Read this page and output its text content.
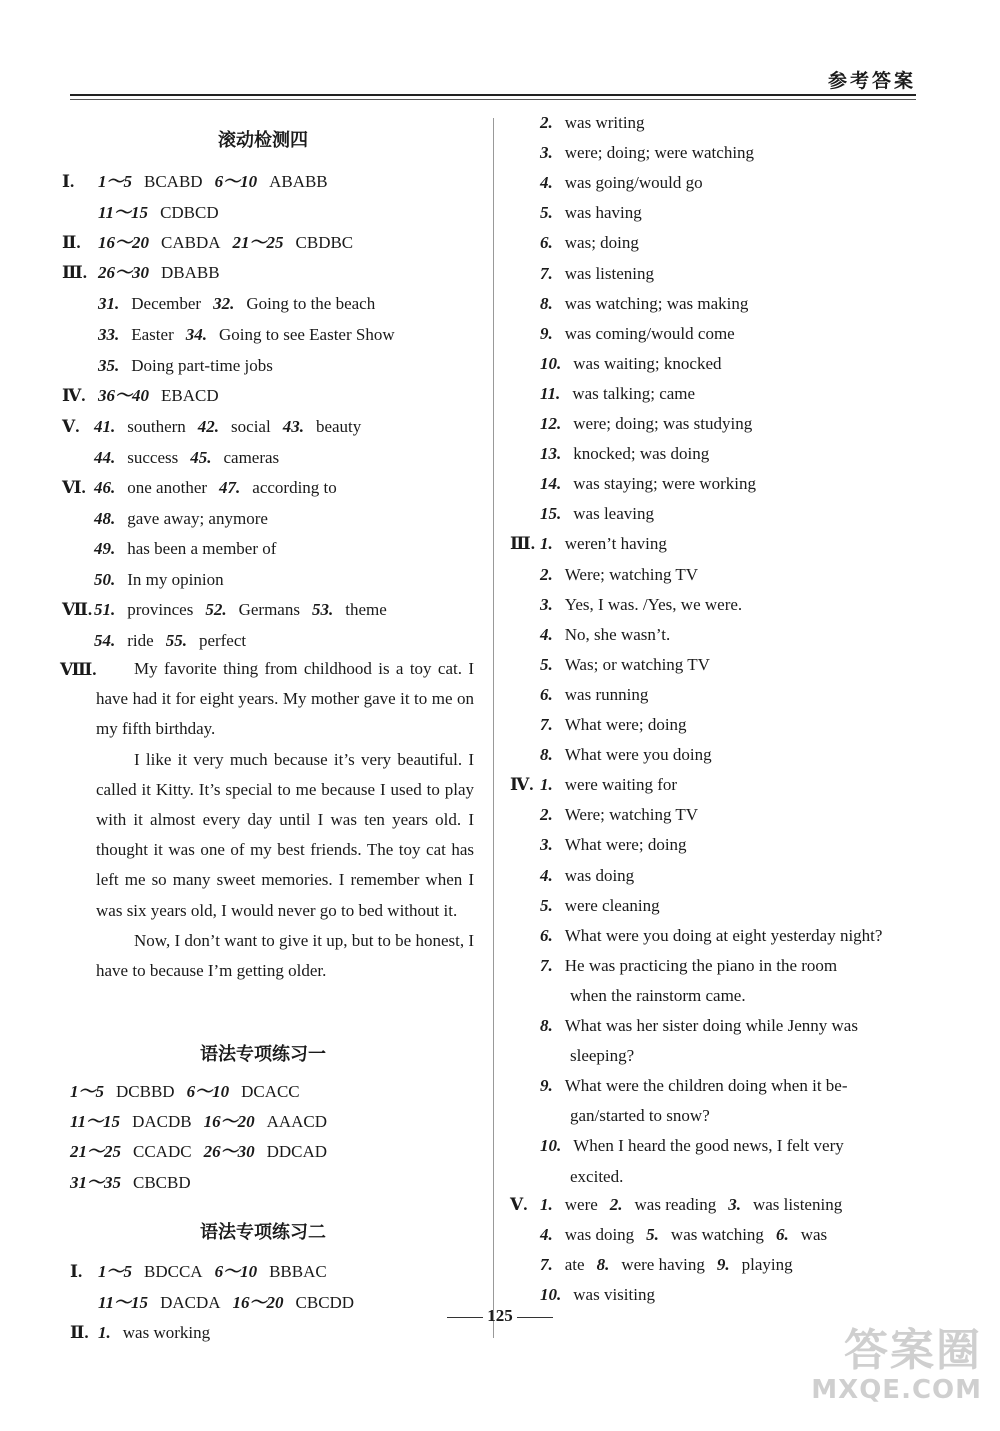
参考答案
滚动检测四
1～5 BCABD 6～10 ABABB
Ⅰ.
11～15 CDBCD
16～20 CABDA 21～25 CBDBC
Ⅱ.
26～30 DBABB
Ⅲ.
31. December 32. Going to the beach
33. Easter 34. Going to see Easter Show
35. Doing part-time jobs
36～40 EBACD
Ⅳ.
41. southern 42. social 43. beauty
Ⅴ.
44. success 45. cameras
46. one another 47. according to
Ⅵ.
48. gave away; anymore
49. has been a member of
50. In my opinion
51. provinces 52. Germans 53. theme
Ⅶ.
54. ride 55. perfect
Ⅷ.	My favorite thing from childhood is a toy cat. I have had it for eight years. My mother gave it to me on my fifth birthday.

I like it very much because it’s very beautiful. I called it Kitty. It’s special to me because I used to play with it almost every day until I was ten years old. I thought it was one of my best friends. The toy cat has left me so many sweet memories. I remember when I was six years old, I would never go to bed without it.

Now, I don’t want to give it up, but to be honest, I have to because I’m getting older.

语法专项练习一
1～5 DCBBD 6～10 DCACC
11～15 DACDB 16～20 AAACD
21～25 CCADC 26～30 DDCAD
31～35 CBCBD
语法专项练习二
1～5 BDCCA 6～10 BBBAC
Ⅰ.
11～15 DACDA 16～20 CBCDD
1. was working
Ⅱ.
2. was writing
3. were; doing; were watching
4. was going/would go
5. was having
6. was; doing
7. was listening
8. was watching; was making
9. was coming/would come
10. was waiting; knocked
11. was talking; came
12. were; doing; was studying
13. knocked; was doing
14. was staying; were working
15. was leaving
1. weren’t having
Ⅲ.
2. Were; watching TV
3. Yes, I was. /Yes, we were.
4. No, she wasn’t.
5. Was; or watching TV
6. was running
7. What were; doing
8. What were you doing
1. were waiting for
Ⅳ.
2. Were; watching TV
3. What were; doing
4. was doing
5. were cleaning
6. What were you doing at eight yesterday night?
7. He was practicing the piano in the room
when the rainstorm came.
8. What was her sister doing while Jenny was
sleeping?
9. What were the children doing when it be-
gan/started to snow?
10. When I heard the good news, I felt very
excited.
1. were 2. was reading 3. was listening
Ⅴ.
4. was doing 5. was watching 6. was
7. ate 8. were having 9. playing
10. was visiting
125
答案圈
MXQE.COM
